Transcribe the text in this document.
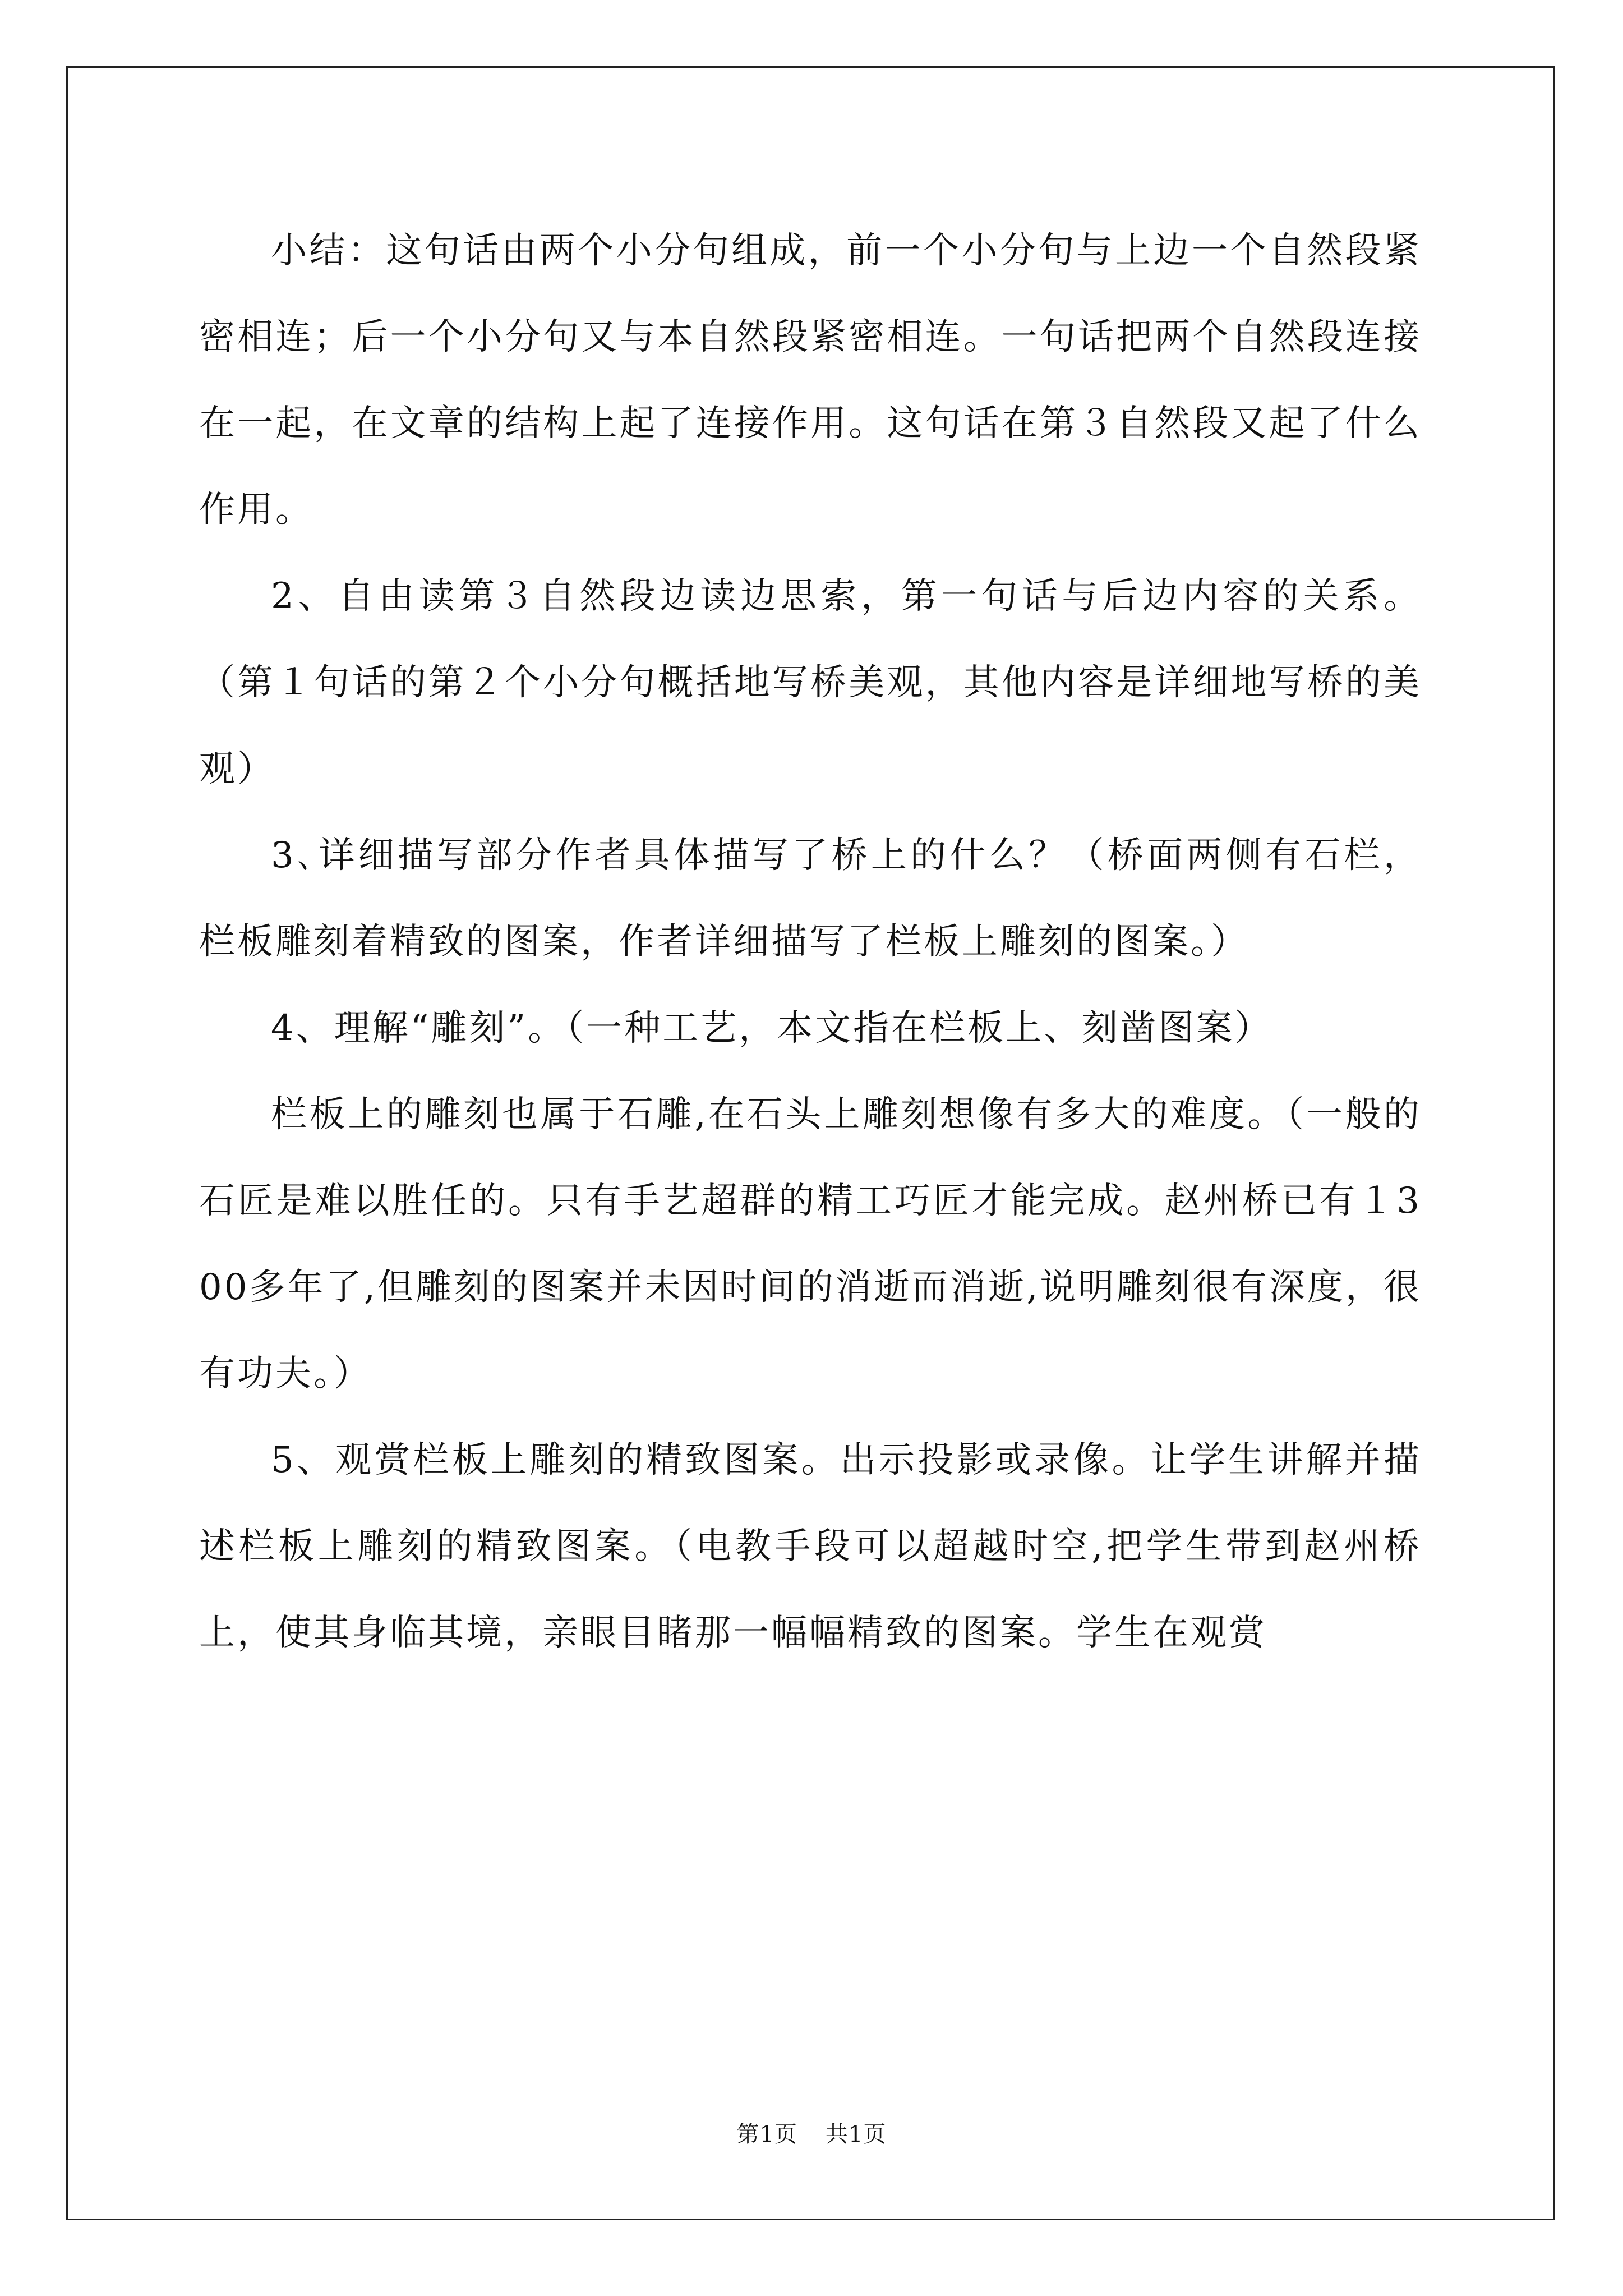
小结：这句话由两个小分句组成，前一个小分句与上边一个自然段紧密相连；后一个小分句又与本自然段紧密相连。一句话把两个自然段连接在一起，在文章的结构上起了连接作用。这句话在第３自然段又起了什么作用。

2、自由读第３自然段边读边思索，第一句话与后边内容的关系。（第１句话的第２个小分句概括地写桥美观，其他内容是详细地写桥的美观）

3､详细描写部分作者具体描写了桥上的什么？（桥面两侧有石栏，栏板雕刻着精致的图案，作者详细描写了栏板上雕刻的图案。）

4、理解“雕刻”｡（一种工艺，本文指在栏板上、刻凿图案）

栏板上的雕刻也属于石雕,在石头上雕刻想像有多大的难度。（一般的石匠是难以胜任的。只有手艺超群的精工巧匠才能完成。赵州桥已有１300多年了,但雕刻的图案并未因时间的消逝而消逝,说明雕刻很有深度，很有功夫。）

5、观赏栏板上雕刻的精致图案。出示投影或录像。让学生讲解并描述栏板上雕刻的精致图案。（电教手段可以超越时空,把学生带到赵州桥上，使其身临其境，亲眼目睹那一幅幅精致的图案。学生在观赏

第1页 共1页
